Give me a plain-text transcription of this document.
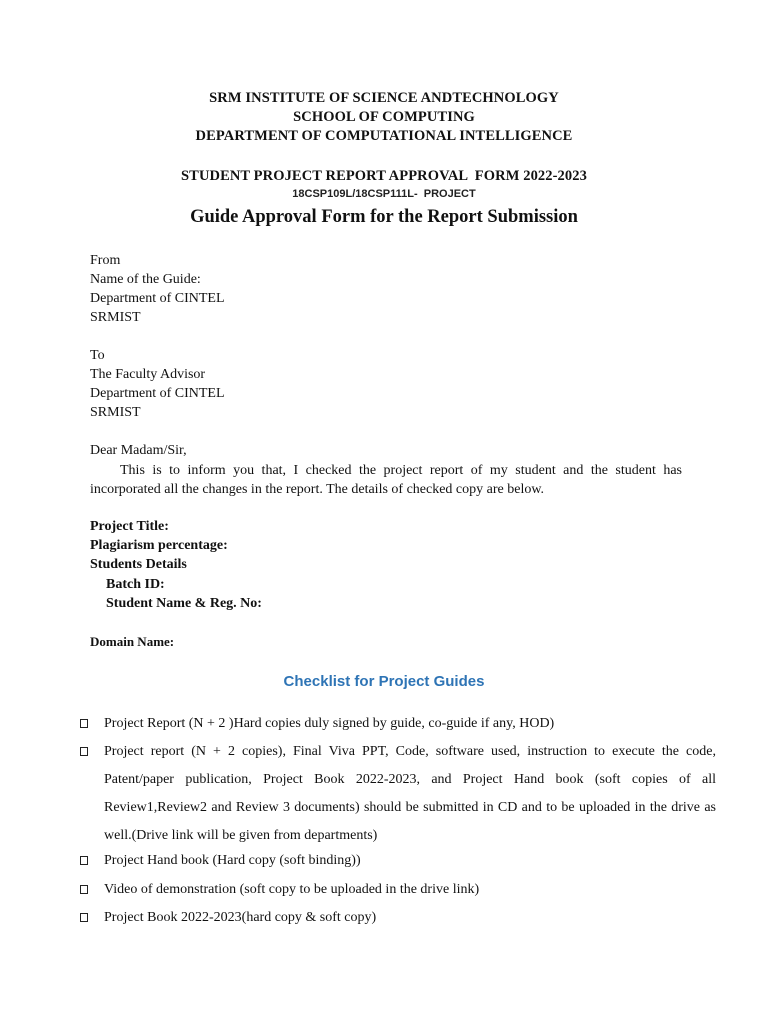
SRM INSTITUTE OF SCIENCE ANDTECHNOLOGY
SCHOOL OF COMPUTING
DEPARTMENT OF COMPUTATIONAL INTELLIGENCE
STUDENT PROJECT REPORT APPROVAL  FORM 2022-2023
18CSP109L/18CSP111L-  PROJECT
Guide Approval Form for the Report Submission
From
Name of the Guide:
Department of CINTEL
SRMIST
To
The Faculty Advisor
Department of CINTEL
SRMIST
Dear Madam/Sir,
This is to inform you that, I checked the project report of my student and the student has incorporated all the changes in the report. The details of checked copy are below.
Project Title:
Plagiarism percentage:
Students Details
Batch ID:
Student Name & Reg. No:
Domain Name:
Checklist for Project Guides
Project Report (N + 2 )Hard copies duly signed by guide, co-guide if any, HOD)
Project report (N + 2 copies), Final Viva PPT, Code, software used, instruction to execute the code, Patent/paper publication, Project Book 2022-2023, and Project Hand book (soft copies of all Review1,Review2 and Review 3 documents) should be submitted in CD and to be uploaded in the drive as well.(Drive link will be given from departments)
Project Hand book (Hard copy (soft binding))
Video of demonstration (soft copy to be uploaded in the drive link)
Project Book 2022-2023(hard copy & soft copy)
